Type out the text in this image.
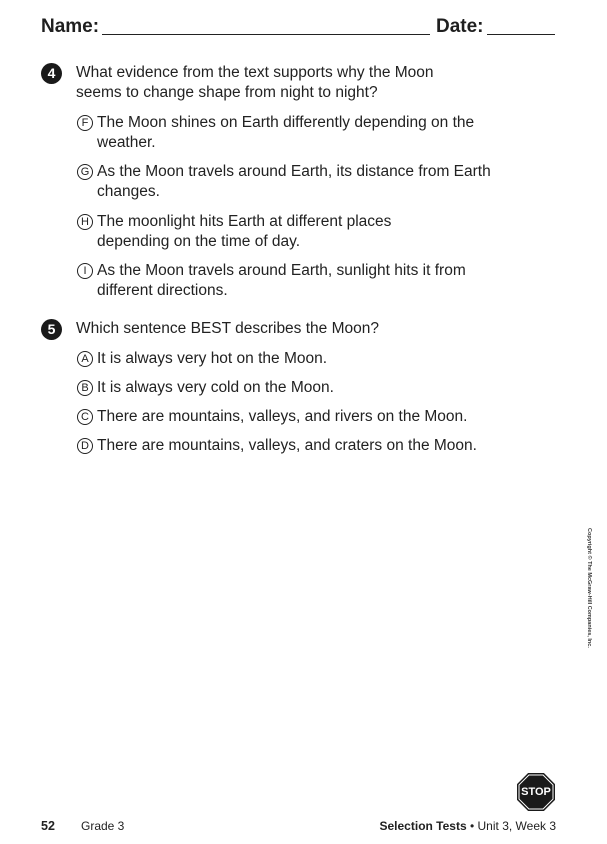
Name:	Date:
4	What evidence from the text supports why the Moon seems to change shape from night to night?
F The Moon shines on Earth differently depending on the weather.
G As the Moon travels around Earth, its distance from Earth changes.
H The moonlight hits Earth at different places depending on the time of day.
I As the Moon travels around Earth, sunlight hits it from different directions.
5	Which sentence BEST describes the Moon?
A It is always very hot on the Moon.
B It is always very cold on the Moon.
C There are mountains, valleys, and rivers on the Moon.
D There are mountains, valleys, and craters on the Moon.
Copyright © The McGraw-Hill Companies, Inc.
STOP
52 Grade 3	Selection Tests • Unit 3, Week 3
